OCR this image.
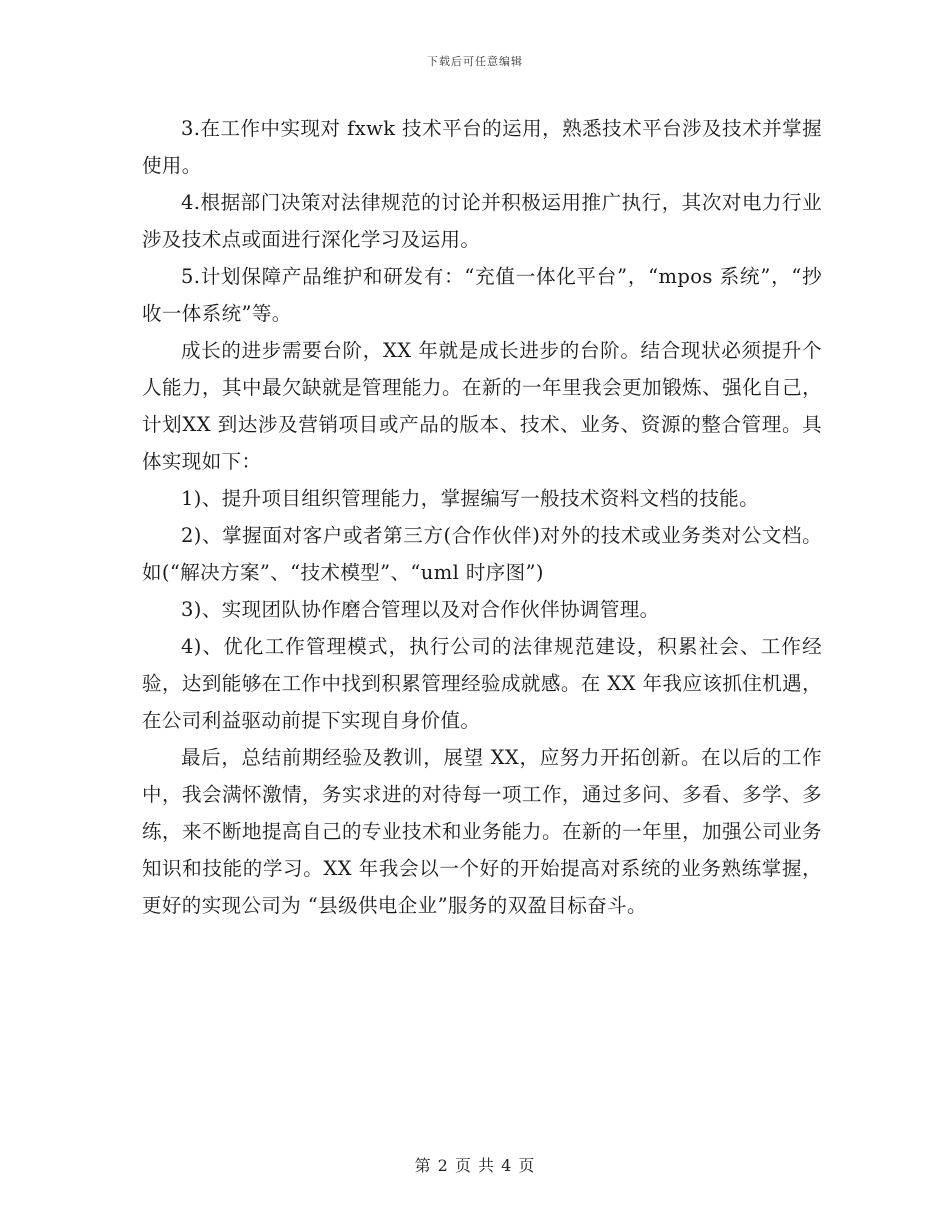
下载后可任意编辑

3.在工作中实现对 fxwk 技术平台的运用，熟悉技术平台涉及技术并掌握使用。

4.根据部门决策对法律规范的讨论并积极运用推广执行，其次对电力行业涉及技术点或面进行深化学习及运用。

5.计划保障产品维护和研发有：“充值一体化平台”，“mpos 系统”，“抄收一体系统”等。

成长的进步需要台阶，XX 年就是成长进步的台阶。结合现状必须提升个人能力，其中最欠缺就是管理能力。在新的一年里我会更加锻炼、强化自己，计划XX 到达涉及营销项目或产品的版本、技术、业务、资源的整合管理。具体实现如下：

1)、提升项目组织管理能力，掌握编写一般技术资料文档的技能。

2)、掌握面对客户或者第三方(合作伙伴)对外的技术或业务类对公文档。如(“解决方案”、“技术模型”、“uml 时序图”)

3)、实现团队协作磨合管理以及对合作伙伴协调管理。

4)、优化工作管理模式，执行公司的法律规范建设，积累社会、工作经验，达到能够在工作中找到积累管理经验成就感。在 XX 年我应该抓住机遇，在公司利益驱动前提下实现自身价值。

最后，总结前期经验及教训，展望 XX，应努力开拓创新。在以后的工作中，我会满怀激情，务实求进的对待每一项工作，通过多问、多看、多学、多练，来不断地提高自己的专业技术和业务能力。在新的一年里，加强公司业务知识和技能的学习。XX 年我会以一个好的开始提高对系统的业务熟练掌握，更好的实现公司为 “县级供电企业”服务的双盈目标奋斗。

第 2 页 共 4 页
